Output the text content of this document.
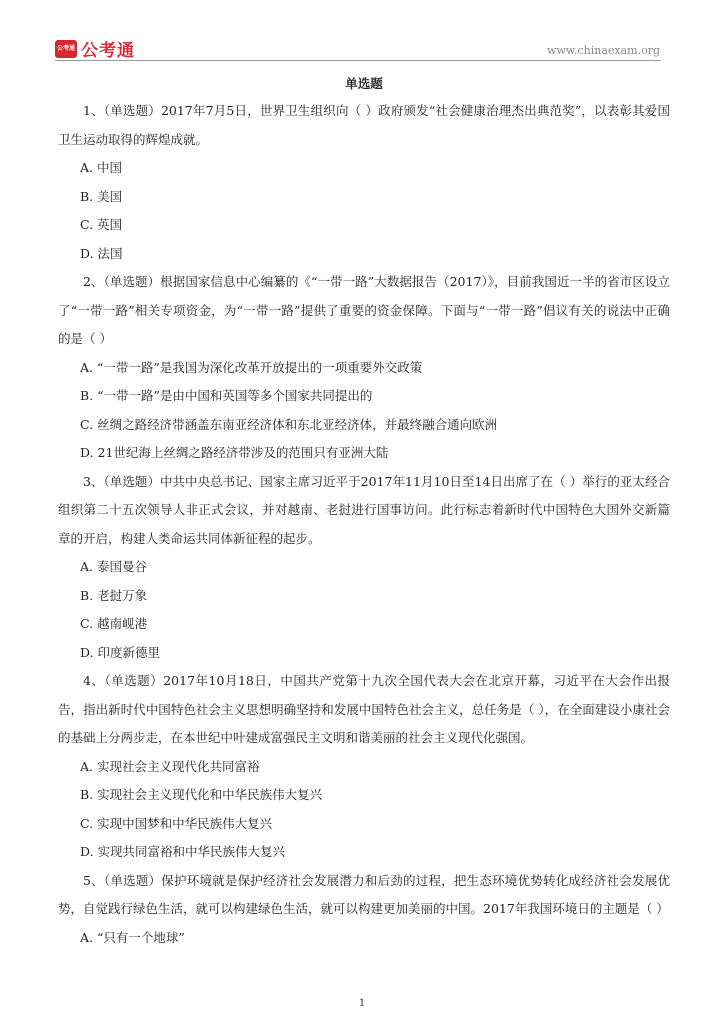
公考通 公考通	www.chinaexam.org
单选题

1、（单选题）2017年7月5日，世界卫生组织向（ ）政府颁发“社会健康治理杰出典范奖”，以表彰其爱国卫生运动取得的辉煌成就。

A. 中国

B. 美国

C. 英国

D. 法国

2、（单选题）根据国家信息中心编纂的《“一带一路”大数据报告（2017）》，目前我国近一半的省市区设立了“一带一路”相关专项资金，为“一带一路”提供了重要的资金保障。下面与“一带一路”倡议有关的说法中正确的是（ ）

A. “一带一路”是我国为深化改革开放提出的一项重要外交政策

B. “一带一路”是由中国和英国等多个国家共同提出的

C. 丝绸之路经济带涵盖东南亚经济体和东北亚经济体，并最终融合通向欧洲

D. 21世纪海上丝绸之路经济带涉及的范围只有亚洲大陆

3、（单选题）中共中央总书记、国家主席习近平于2017年11月10日至14日出席了在（ ）举行的亚太经合组织第二十五次领导人非正式会议，并对越南、老挝进行国事访问。此行标志着新时代中国特色大国外交新篇章的开启，构建人类命运共同体新征程的起步。

A. 泰国曼谷

B. 老挝万象

C. 越南岘港

D. 印度新德里

4、（单选题）2017年10月18日，中国共产党第十九次全国代表大会在北京开幕，习近平在大会作出报告，指出新时代中国特色社会主义思想明确坚持和发展中国特色社会主义，总任务是（ ），在全面建设小康社会的基础上分两步走，在本世纪中叶建成富强民主文明和谐美丽的社会主义现代化强国。

A. 实现社会主义现代化共同富裕

B. 实现社会主义现代化和中华民族伟大复兴

C. 实现中国梦和中华民族伟大复兴

D. 实现共同富裕和中华民族伟大复兴

5、（单选题）保护环境就是保护经济社会发展潜力和后劲的过程，把生态环境优势转化成经济社会发展优势，自觉践行绿色生活，就可以构建绿色生活，就可以构建更加美丽的中国。2017年我国环境日的主题是（ ）

A. “只有一个地球”

1
